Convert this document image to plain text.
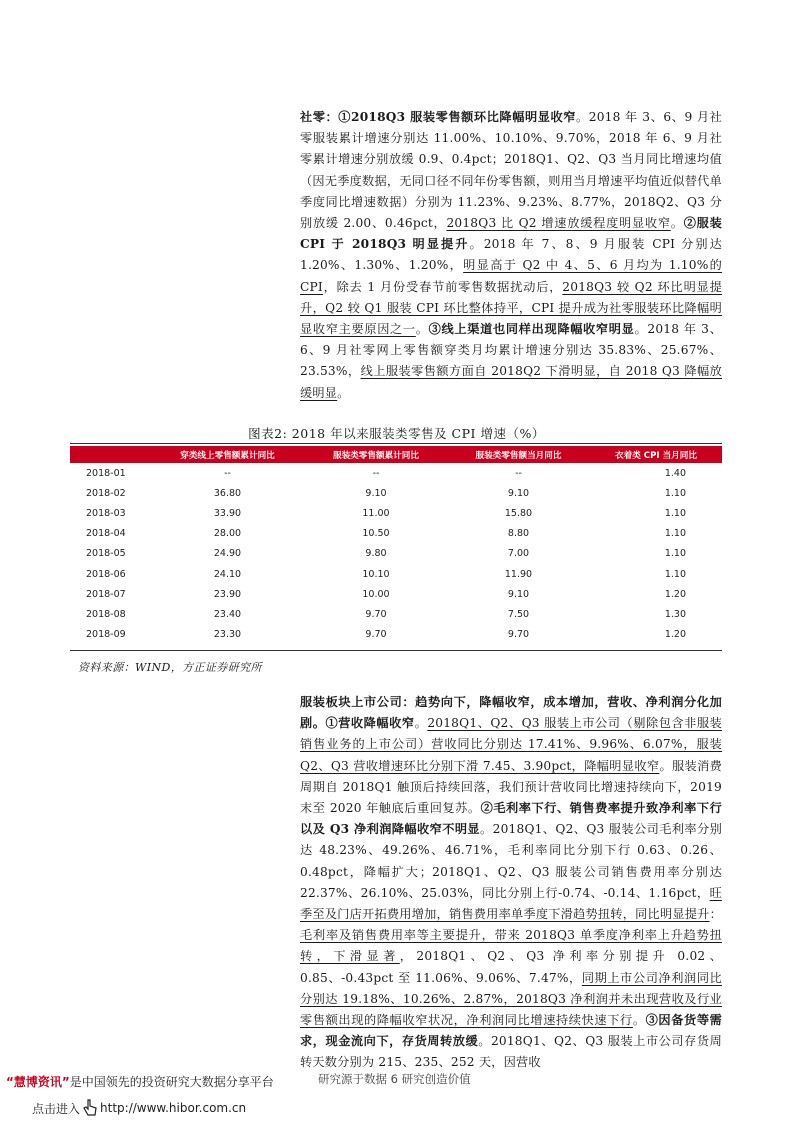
社零：①2018Q3 服装零售额环比降幅明显收窄。2018 年 3、6、9 月社零服装累计增速分别达 11.00%、10.10%、9.70%，2018 年 6、9 月社零累计增速分别放缓 0.9、0.4pct；2018Q1、Q2、Q3 当月同比增速均值（因无季度数据，无同口径不同年份零售额，则用当月增速平均值近似替代单季度同比增速数据）分别为 11.23%、9.23%、8.77%，2018Q2、Q3 分别放缓 2.00、0.46pct，2018Q3 比 Q2 增速放缓程度明显收窄。②服装 CPI 于 2018Q3 明显提升。2018 年 7、8、9 月服装 CPI 分别达 1.20%、1.30%、1.20%，明显高于 Q2 中 4、5、6 月均为 1.10%的 CPI，除去 1 月份受春节前零售数据扰动后，2018Q3 较 Q2 环比明显提升，Q2 较 Q1 服装 CPI 环比整体持平，CPI 提升成为社零服装环比降幅明显收窄主要原因之一。③线上渠道也同样出现降幅收窄明显。2018 年 3、6、9 月社零网上零售额穿类月均累计增速分别达 35.83%、25.67%、23.53%，线上服装零售额方面自 2018Q2 下滑明显，自 2018 Q3 降幅放缓明显。
图表2: 2018 年以来服装类零售及 CPI 增速（%）
	穿类线上零售额累计同比	服装类零售额累计同比	服装类零售额当月同比	衣着类 CPI 当月同比
2018-01	--	--	--	1.40
2018-02	36.80	9.10	9.10	1.10
2018-03	33.90	11.00	15.80	1.10
2018-04	28.00	10.50	8.80	1.10
2018-05	24.90	9.80	7.00	1.10
2018-06	24.10	10.10	11.90	1.10
2018-07	23.90	10.00	9.10	1.20
2018-08	23.40	9.70	7.50	1.30
2018-09	23.30	9.70	9.70	1.20
资料来源：WIND，方正证券研究所
服装板块上市公司：趋势向下，降幅收窄，成本增加，营收、净利润分化加剧。①营收降幅收窄。2018Q1、Q2、Q3 服装上市公司（剔除包含非服装销售业务的上市公司）营收同比分别达 17.41%、9.96%、6.07%，服装 Q2、Q3 营收增速环比分别下滑 7.45、3.90pct，降幅明显收窄。服装消费周期自 2018Q1 触顶后持续回落，我们预计营收同比增速持续向下，2019 末至 2020 年触底后重回复苏。②毛利率下行、销售费率提升致净利率下行以及 Q3 净利润降幅收窄不明显。2018Q1、Q2、Q3 服装公司毛利率分别达 48.23%、49.26%、46.71%，毛利率同比分别下行 0.63、0.26、0.48pct，降幅扩大；2018Q1、Q2、Q3 服装公司销售费用率分别达 22.37%、26.10%、25.03%，同比分别上行-0.74、-0.14、1.16pct，旺季至及门店开拓费用增加，销售费用率单季度下滑趋势扭转，同比明显提升：毛利率及销售费用率等主要提升，带来 2018Q3 单季度净利率上升趋势扭转，下滑显著，2018Q1、Q2、Q3 净利率分别提升 0.02、0.85、-0.43pct 至 11.06%、9.06%、7.47%，同期上市公司净利润同比分别达 19.18%、10.26%、2.87%，2018Q3 净利润并未出现营收及行业零售额出现的降幅收窄状况，净利润同比增速持续快速下行。③因备货等需求，现金流向下，存货周转放缓。2018Q1、Q2、Q3 服装上市公司存货周转天数分别为 215、235、252 天，因营收
“慧博资讯”是中国领先的投资研究大数据分享平台	研究源于数据 6 研究创造价值
点击进入 http://www.hibor.com.cn
